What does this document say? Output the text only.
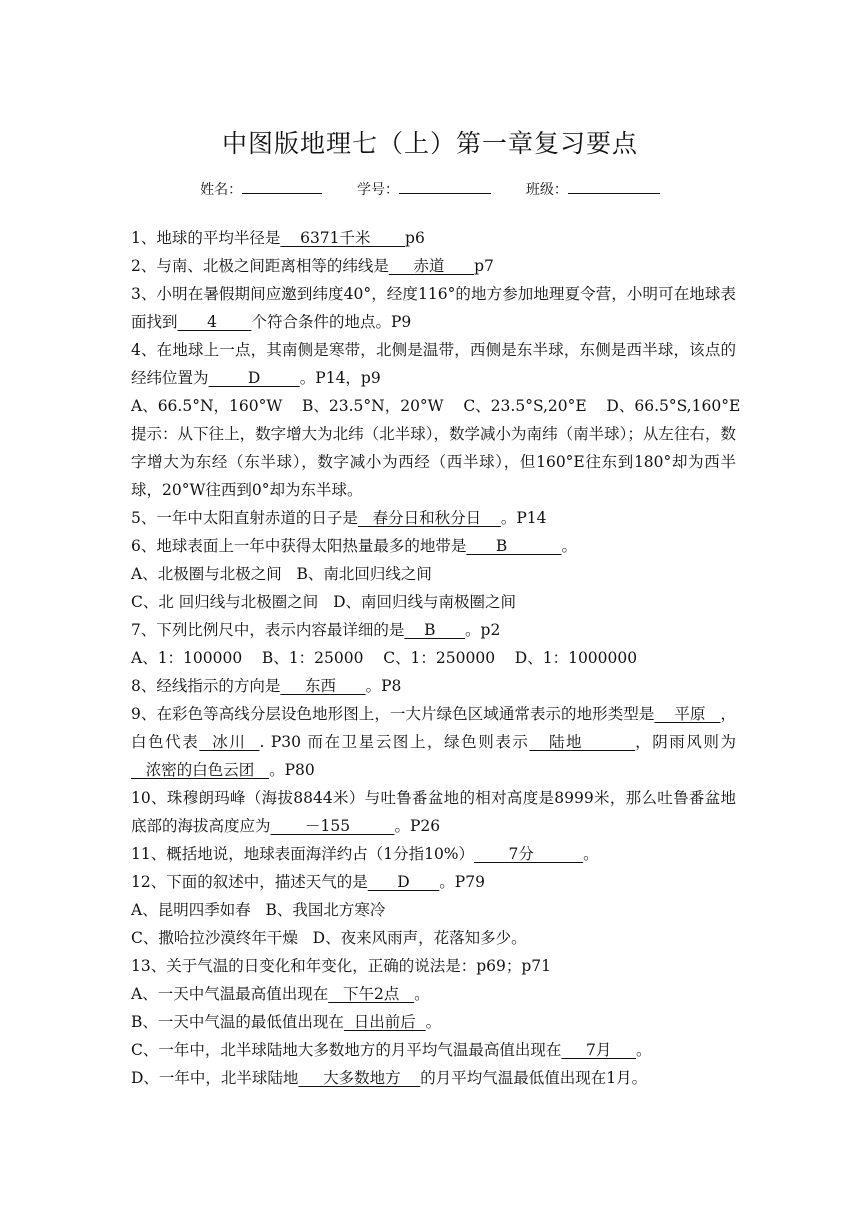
中图版地理七（上）第一章复习要点
姓名：	学号：	班级：
1、地球的平均半径是    6371千米       p6
2、与南、北极之间距离相等的纬线是     赤道      p7
3、小明在暑假期间应邀到纬度40°，经度116°的地方参加地理夏令营，小明可在地球表面找到      4       个符合条件的地点。P9
4、在地球上一点，其南侧是寒带，北侧是温带，西侧是东半球，东侧是西半球，该点的经纬位置为        D        。P14，p9
A、66.5°N，160°W    B、23.5°N，20°W    C、23.5°S,20°E    D、66.5°S,160°E
提示：从下往上，数字增大为北纬（北半球），数学减小为南纬（南半球）；从左往右，数字增大为东经（东半球），数字减小为西经（西半球），但160°E往东到180°却为西半球，20°W往西到0°却为东半球。
5、一年中太阳直射赤道的日子是   春分日和秋分日    。P14
6、地球表面上一年中获得太阳热量最多的地带是      B           。
A、北极圈与北极之间   B、南北回归线之间
C、北 回归线与北极圈之间   D、南回归线与南极圈之间
7、下列比例尺中，表示内容最详细的是    B      。p2
A、1：100000    B、1：25000    C、1：250000    D、1：1000000
8、经线指示的方向是     东西      。P8
9、在彩色等高线分层设色地形图上，一大片绿色区域通常表示的地形类型是    平原   ，白色代表  冰川  . P30 而在卫星云图上，绿色则表示   陆地        ，阴雨风则为   浓密的白色云团   。P80
10、珠穆朗玛峰（海拔8844米）与吐鲁番盆地的相对高度是8999米，那么吐鲁番盆地底部的海拔高度应为       －155         。P26
11、概括地说，地球表面海洋约占（1分指10%）       7分          。
12、下面的叙述中，描述天气的是      D      。P79
A、昆明四季如春   B、我国北方寒冷
C、撒哈拉沙漠终年干燥   D、夜来风雨声，花落知多少。
13、关于气温的日变化和年变化，正确的说法是：p69；p71
A、一天中气温最高值出现在   下午2点   。
B、一天中气温的最低值出现在  日出前后  。
C、一年中，北半球陆地大多数地方的月平均气温最高值出现在     7月     。
D、一年中，北半球陆地     大多数地方    的月平均气温最低值出现在1月。
